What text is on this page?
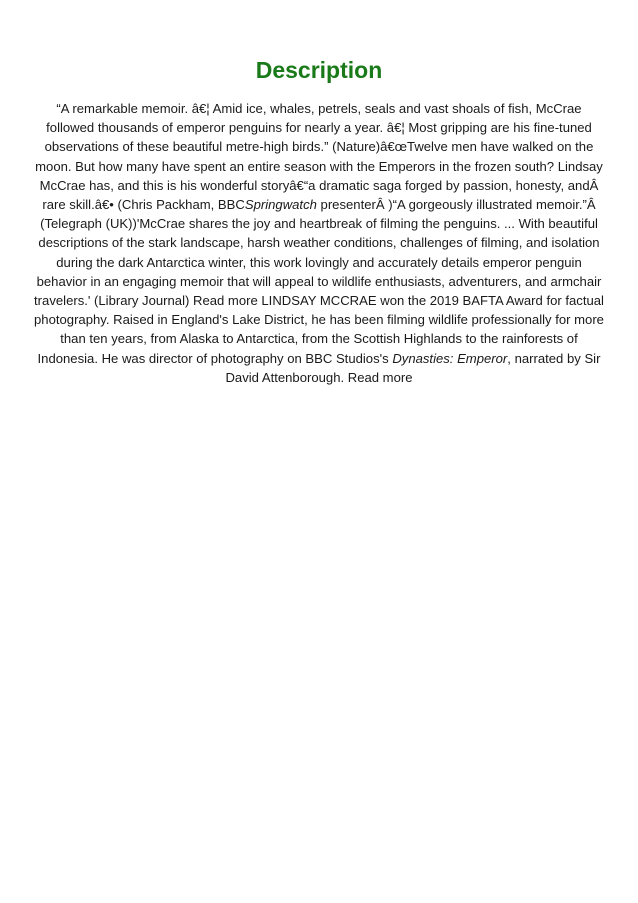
Description
“A remarkable memoir. â€¦ Amid ice, whales, petrels, seals and vast shoals of fish, McCrae followed thousands of emperor penguins for nearly a year. â€¦ Most gripping are his fine-tuned observations of these beautiful metre-high birds.” (Nature)â€œTwelve men have walked on the moon. But how many have spent an entire season with the Emperors in the frozen south? Lindsay McCrae has, and this is his wonderful storyâ€“a dramatic saga forged by passion, honesty, andÂ rare skill.â€• (Chris Packham, BBCSpringwatch presenterÂ )“A gorgeously illustrated memoir.”Â (Telegraph (UK))'McCrae shares the joy and heartbreak of filming the penguins. ... With beautiful descriptions of the stark landscape, harsh weather conditions, challenges of filming, and isolation during the dark Antarctica winter, this work lovingly and accurately details emperor penguin behavior in an engaging memoir that will appeal to wildlife enthusiasts, adventurers, and armchair travelers.' (Library Journal) Read more LINDSAY MCCRAE won the 2019 BAFTA Award for factual photography. Raised in England's Lake District, he has been filming wildlife professionally for more than ten years, from Alaska to Antarctica, from the Scottish Highlands to the rainforests of Indonesia. He was director of photography on BBC Studios's Dynasties: Emperor, narrated by Sir David Attenborough. Read more
